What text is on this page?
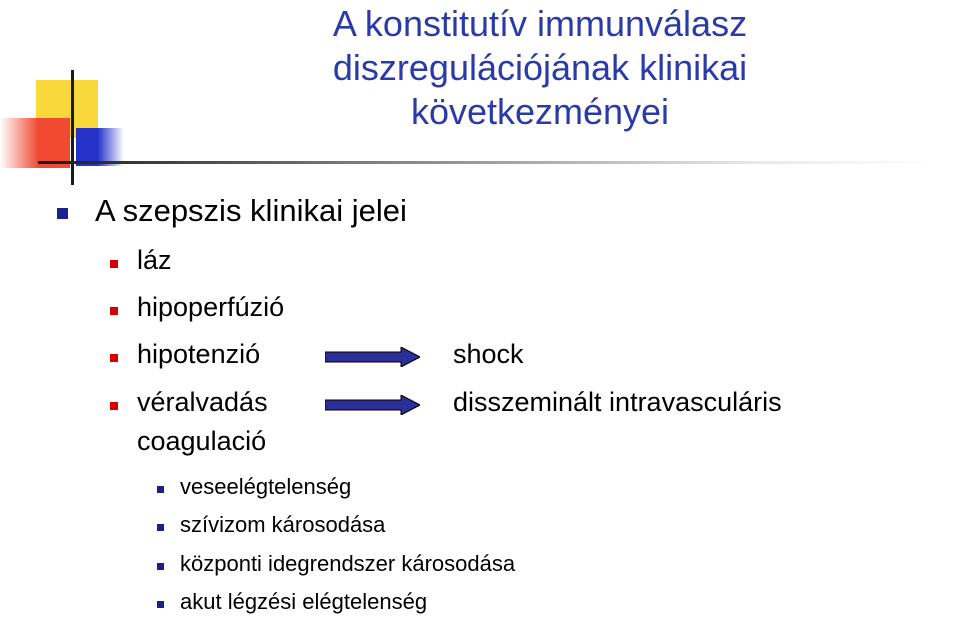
A konstitutív immunválasz diszregulációjának klinikai következményei
A szepszis klinikai jelei
láz
hipoperfúzió
hipotenzió	shock
véralvadás	disszeminált intravasculáris
coagulació
veseelégtelenség
szívizom károsodása
központi idegrendszer károsodása
akut légzési elégtelenség
